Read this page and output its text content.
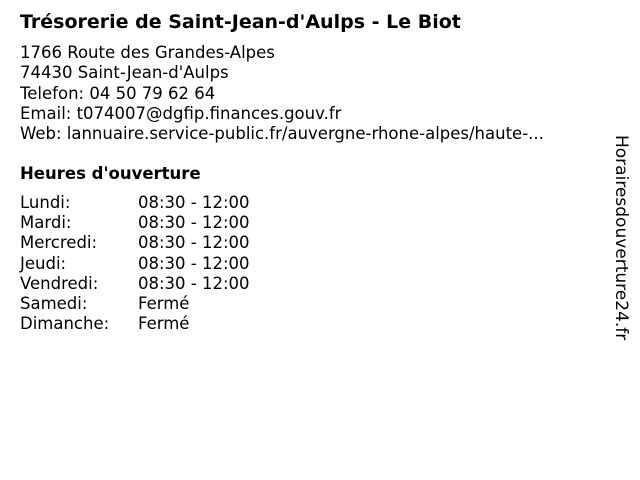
Trésorerie de Saint-Jean-d'Aulps - Le Biot
1766 Route des Grandes-Alpes
74430 Saint-Jean-d'Aulps
Telefon: 04 50 79 62 64
Email: t074007@dgfip.finances.gouv.fr
Web: lannuaire.service-public.fr/auvergne-rhone-alpes/haute-...
Heures d'ouverture
Lundi:	08:30 - 12:00
Mardi:	08:30 - 12:00
Mercredi: 08:30 - 12:00
Jeudi:	08:30 - 12:00
Vendredi: 08:30 - 12:00
Samedi:	Fermé
Dimanche: Fermé	Horairesdouverture24.fr
